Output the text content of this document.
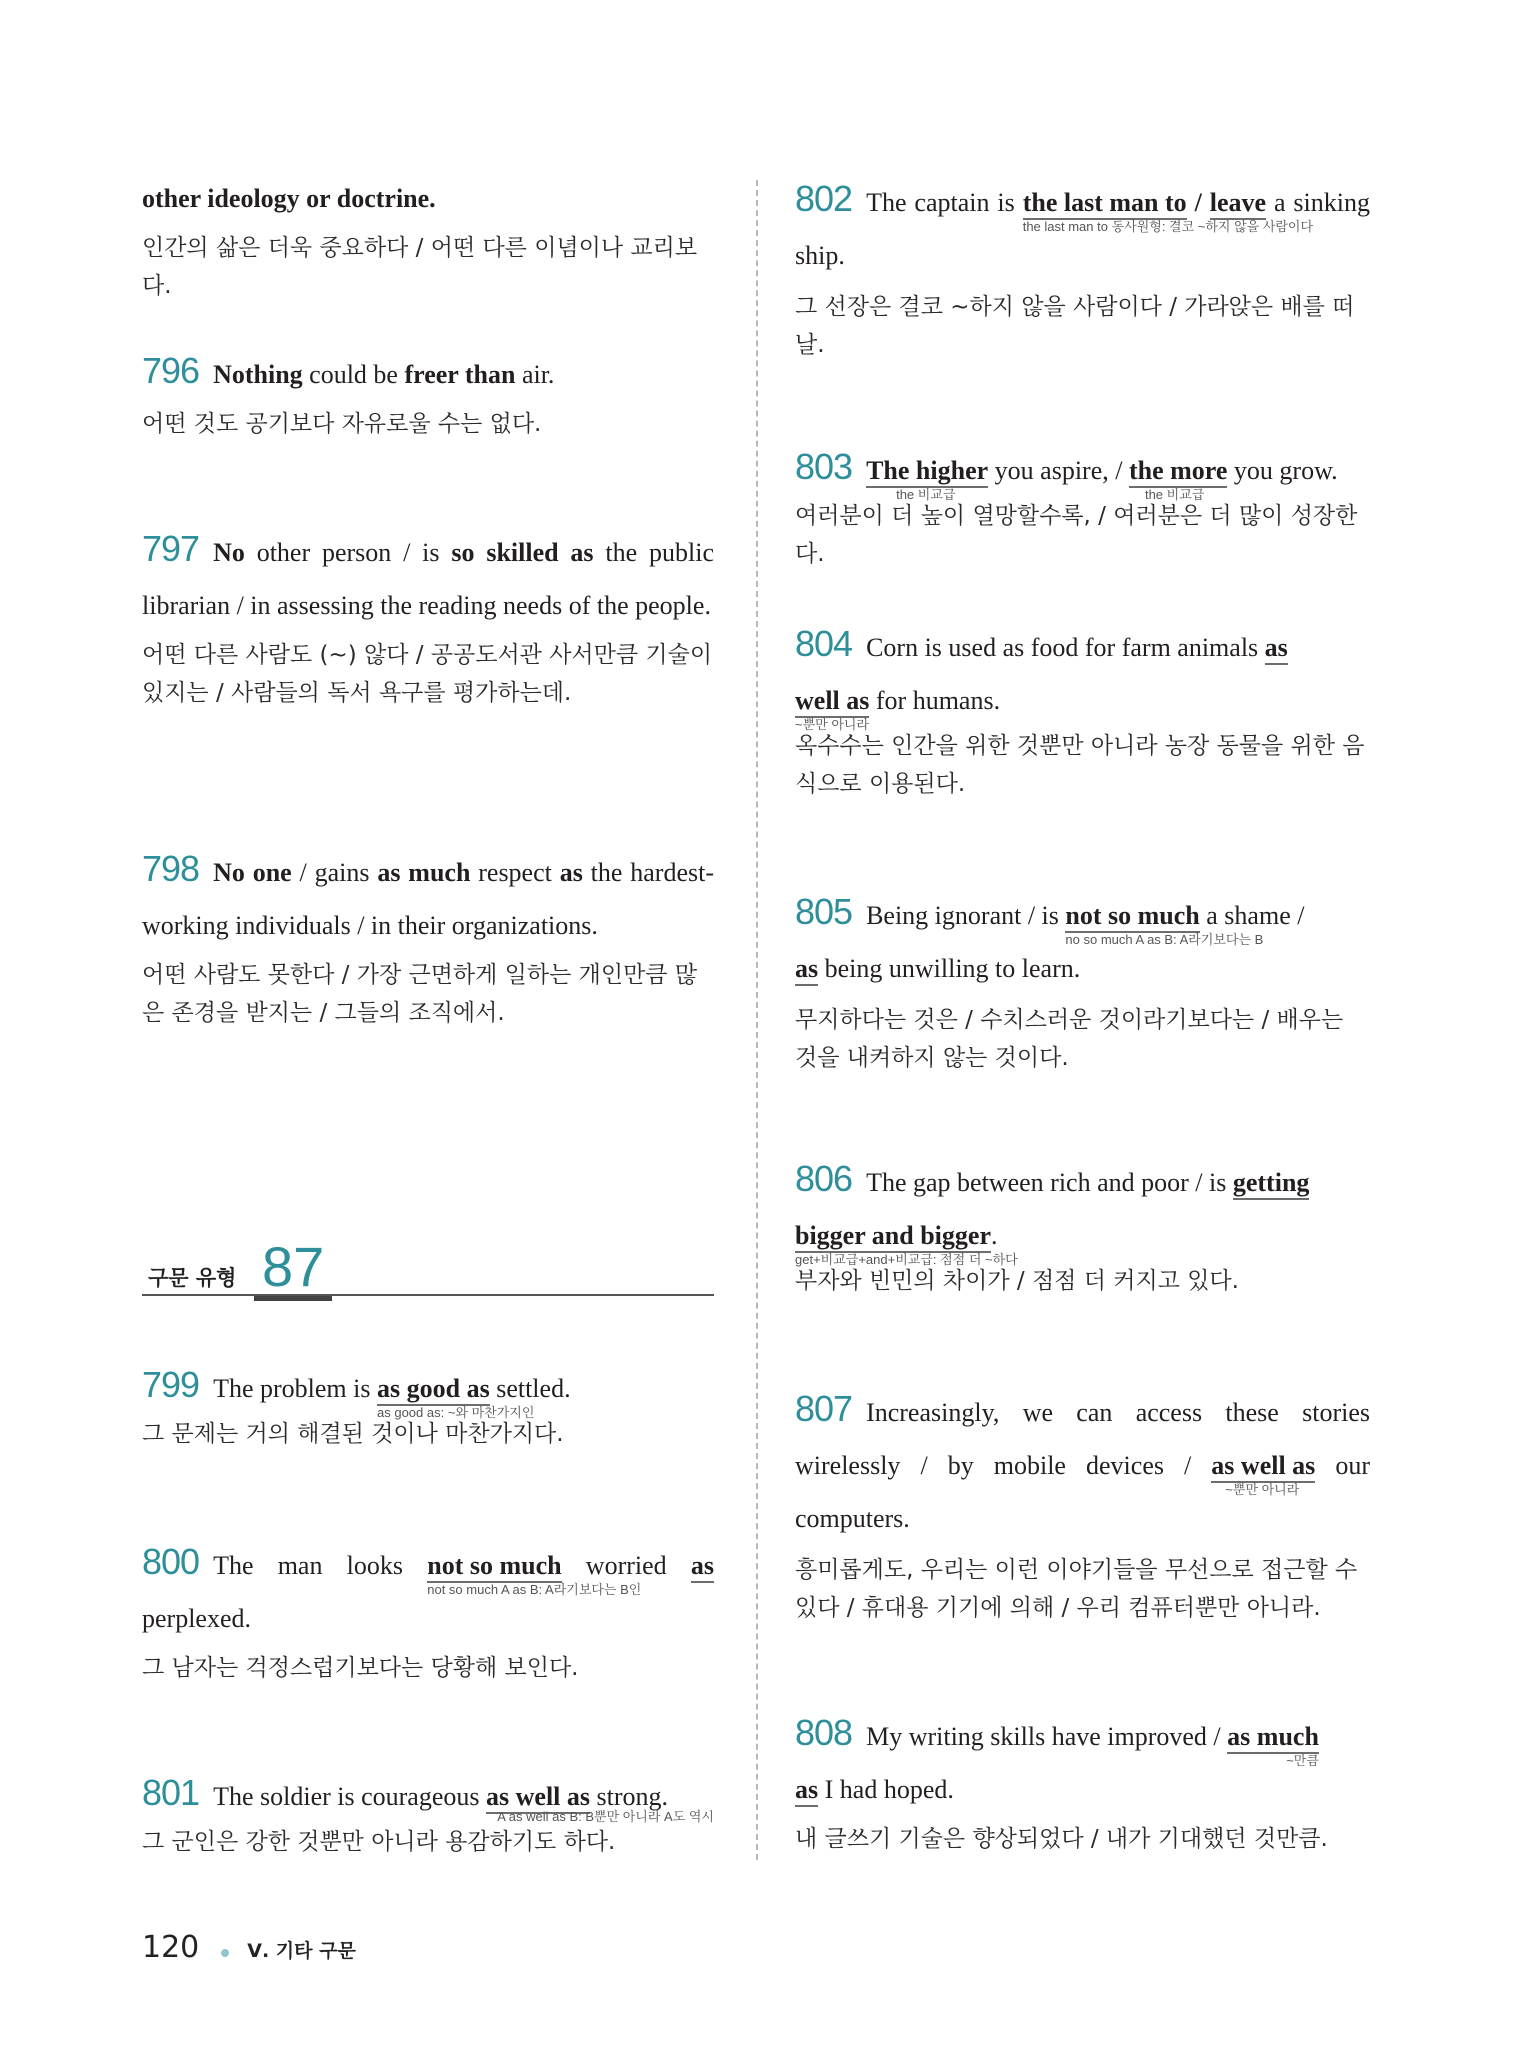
other ideology or doctrine.
인간의 삶은 더욱 중요하다 / 어떤 다른 이념이나 교리보다.
796 Nothing could be freer than air.
어떤 것도 공기보다 자유로울 수는 없다.
797 No other person / is so skilled as the public librarian / in assessing the reading needs of the people.
어떤 다른 사람도 (~) 않다 / 공공도서관 사서만큼 기술이 있지는 / 사람들의 독서 욕구를 평가하는데.
798 No one / gains as much respect as the hardest-working individuals / in their organizations.
어떤 사람도 못한다 / 가장 근면하게 일하는 개인만큼 많은 존경을 받지는 / 그들의 조직에서.
구문 유형 87
799 The problem is as good as
as good as: ~와 마찬가지인
settled.
그 문제는 거의 해결된 것이나 마찬가지다.
800 The man looks not so much
not so much A as B: A라기보다는 B인
worried as perplexed.
그 남자는 걱정스럽기보다는 당황해 보인다.
801 The soldier is courageous as well as strong.
A as well as B: B뿐만 아니라 A도 역시
그 군인은 강한 것뿐만 아니라 용감하기도 하다.
802 The captain is the last man to
the last man to 동사원형: 결코 ~하지 않을 사람이다
/ leave a sinking ship.
그 선장은 결코 ~하지 않을 사람이다 / 가라앉은 배를 떠날.
803 The higher
the 비교급
you aspire, / the more
the 비교급
you grow.
여러분이 더 높이 열망할수록, / 여러분은 더 많이 성장한다.
804 Corn is used as food for farm animals as
well as
~뿐만 아니라
for humans.
옥수수는 인간을 위한 것뿐만 아니라 농장 동물을 위한 음식으로 이용된다.
805 Being ignorant / is not so much
no so much A as B: A라기보다는 B
a shame /
as being unwilling to learn.
무지하다는 것은 / 수치스러운 것이라기보다는 / 배우는 것을 내켜하지 않는 것이다.
806 The gap between rich and poor / is getting
bigger and bigger
get+비교급+and+비교급: 점점 더 ~하다
.
부자와 빈민의 차이가 / 점점 더 커지고 있다.
807 Increasingly, we can access these stories wirelessly / by mobile devices / as well as
~뿐만 아니라
our computers.
흥미롭게도, 우리는 이런 이야기들을 무선으로 접근할 수 있다 / 휴대용 기기에 의해 / 우리 컴퓨터뿐만 아니라.
808 My writing skills have improved / as much
~만큼

as I had hoped.
내 글쓰기 기술은 향상되었다 / 내가 기대했던 것만큼.
120	Ⅴ. 기타 구문
